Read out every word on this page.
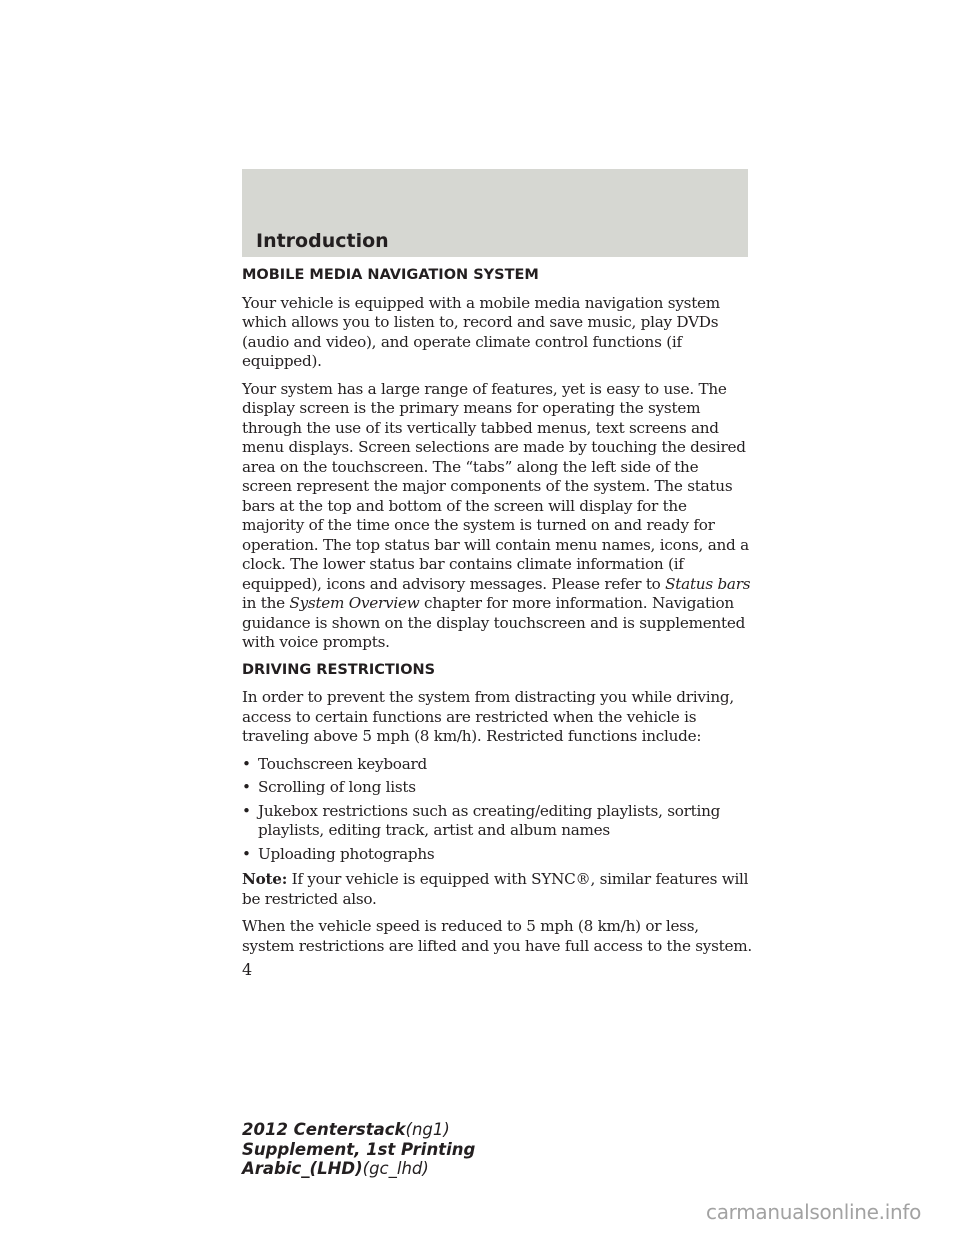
Introduction
MOBILE MEDIA NAVIGATION SYSTEM

Your vehicle is equipped with a mobile media navigation system which allows you to listen to, record and save music, play DVDs (audio and video), and operate climate control functions (if equipped).

Your system has a large range of features, yet is easy to use. The display screen is the primary means for operating the system through the use of its vertically tabbed menus, text screens and menu displays. Screen selections are made by touching the desired area on the touchscreen. The “tabs” along the left side of the screen represent the major components of the system. The status bars at the top and bottom of the screen will display for the majority of the time once the system is turned on and ready for operation. The top status bar will contain menu names, icons, and a clock. The lower status bar contains climate information (if equipped), icons and advisory messages. Please refer to Status bars in the System Overview chapter for more information. Navigation guidance is shown on the display touchscreen and is supplemented with voice prompts.

DRIVING RESTRICTIONS

In order to prevent the system from distracting you while driving, access to certain functions are restricted when the vehicle is traveling above 5 mph (8 km/h). Restricted functions include:

• Touchscreen keyboard
• Scrolling of long lists
• Jukebox restrictions such as creating/editing playlists, sorting playlists, editing track, artist and album names
• Uploading photographs

Note: If your vehicle is equipped with SYNC®, similar features will be restricted also.

When the vehicle speed is reduced to 5 mph (8 km/h) or less, system restrictions are lifted and you have full access to the system.

4
2012 Centerstack(ng1)
Supplement, 1st Printing
Arabic_(LHD)(gc_lhd)
carmanualsonline.info
